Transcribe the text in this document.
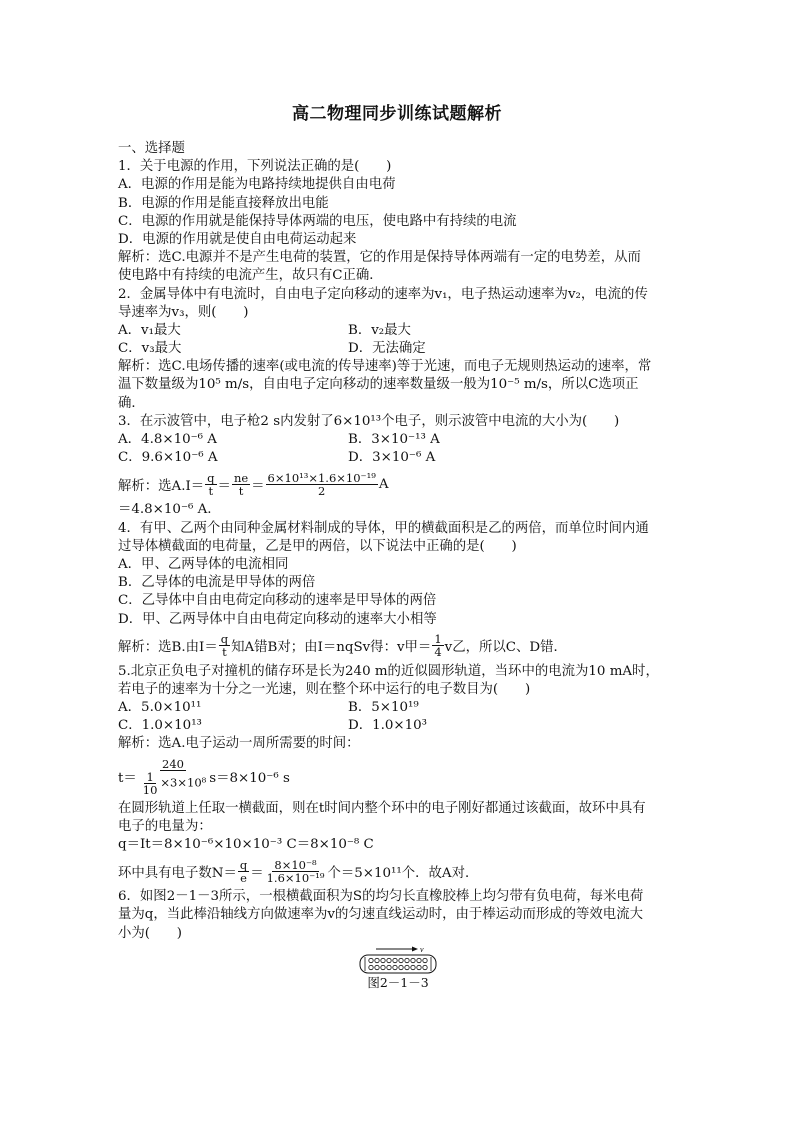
高二物理同步训练试题解析
一、选择题
1．关于电源的作用，下列说法正确的是(　　)
A．电源的作用是能为电路持续地提供自由电荷
B．电源的作用是能直接释放出电能
C．电源的作用就是能保持导体两端的电压，使电路中有持续的电流
D．电源的作用就是使自由电荷运动起来
解析：选C.电源并不是产生电荷的装置，它的作用是保持导体两端有一定的电势差，从而
使电路中有持续的电流产生，故只有C正确．
2．金属导体中有电流时，自由电子定向移动的速率为v₁，电子热运动速率为v₂，电流的传
导速率为v₃，则(　　)
A．v₁最大	B．v₂最大
C．v₃最大	D．无法确定
解析：选C.电场传播的速率(或电流的传导速率)等于光速，而电子无规则热运动的速率，常
温下数量级为10⁵ m/s，自由电子定向移动的速率数量级一般为10⁻⁵ m/s，所以C选项正
确．
3．在示波管中，电子枪2 s内发射了6×10¹³个电子，则示波管中电流的大小为(　　)
A．4.8×10⁻⁶ A	B．3×10⁻¹³ A
C．9.6×10⁻⁶ A	D．3×10⁻⁶ A
解析：选$A.I= \frac{q}{t} = \frac{ne}{t} = \frac{\text{6×10¹³×1.6×10⁻¹⁹}}{2}$ A
＝4.8×10⁻⁶ A.
4．有甲、乙两个由同种金属材料制成的导体，甲的横截面积是乙的两倍，而单位时间内通
过导体横截面的电荷量，乙是甲的两倍，以下说法中正确的是(　　)
A．甲、乙两导体的电流相同
B．乙导体的电流是甲导体的两倍
C．乙导体中自由电荷定向移动的速率是甲导体的两倍
D．甲、乙两导体中自由电荷定向移动的速率大小相等
解析：选B.由$I= \frac{q}{t}$ 知A错B对；由I＝nqSv得：v甲＝ $\frac{1}{4}$ v乙，所以C、D错．
5.北京正负电子对撞机的储存环是长为240 m的近似圆形轨道，当环中的电流为10 mA时，
若电子的速率为十分之一光速，则在整个环中运行的电子数目为(　　)
A．5.0×10¹¹	B．5×10¹⁹
C．1.0×10¹³	D．1.0×10³
解析：选A.电子运动一周所需要的时间：
$t= \frac{240}{\frac{1}{10} \times 3\times 10^8} s=8\times 10^{-6}$ s
在圆形轨道上任取一横截面，则在t时间内整个环中的电子刚好都通过该截面，故环中具有
电子的电量为：
q＝It＝8×10⁻⁶×10×10⁻³ C＝8×10⁻⁸ C
环中具有电子数$N= \frac{q}{e} = \frac{\text{8×10⁻⁸}}{\text{1.6×10⁻¹⁹}}$ 个＝5×10¹¹个．故A对．
6．如图2－1－3所示，一根横截面积为S的均匀长直橡胶棒上均匀带有负电荷，每米电荷
量为q，当此棒沿轴线方向做速率为v的匀速直线运动时，由于棒运动而形成的等效电流大
小为(　　)
v
图2－1－3
